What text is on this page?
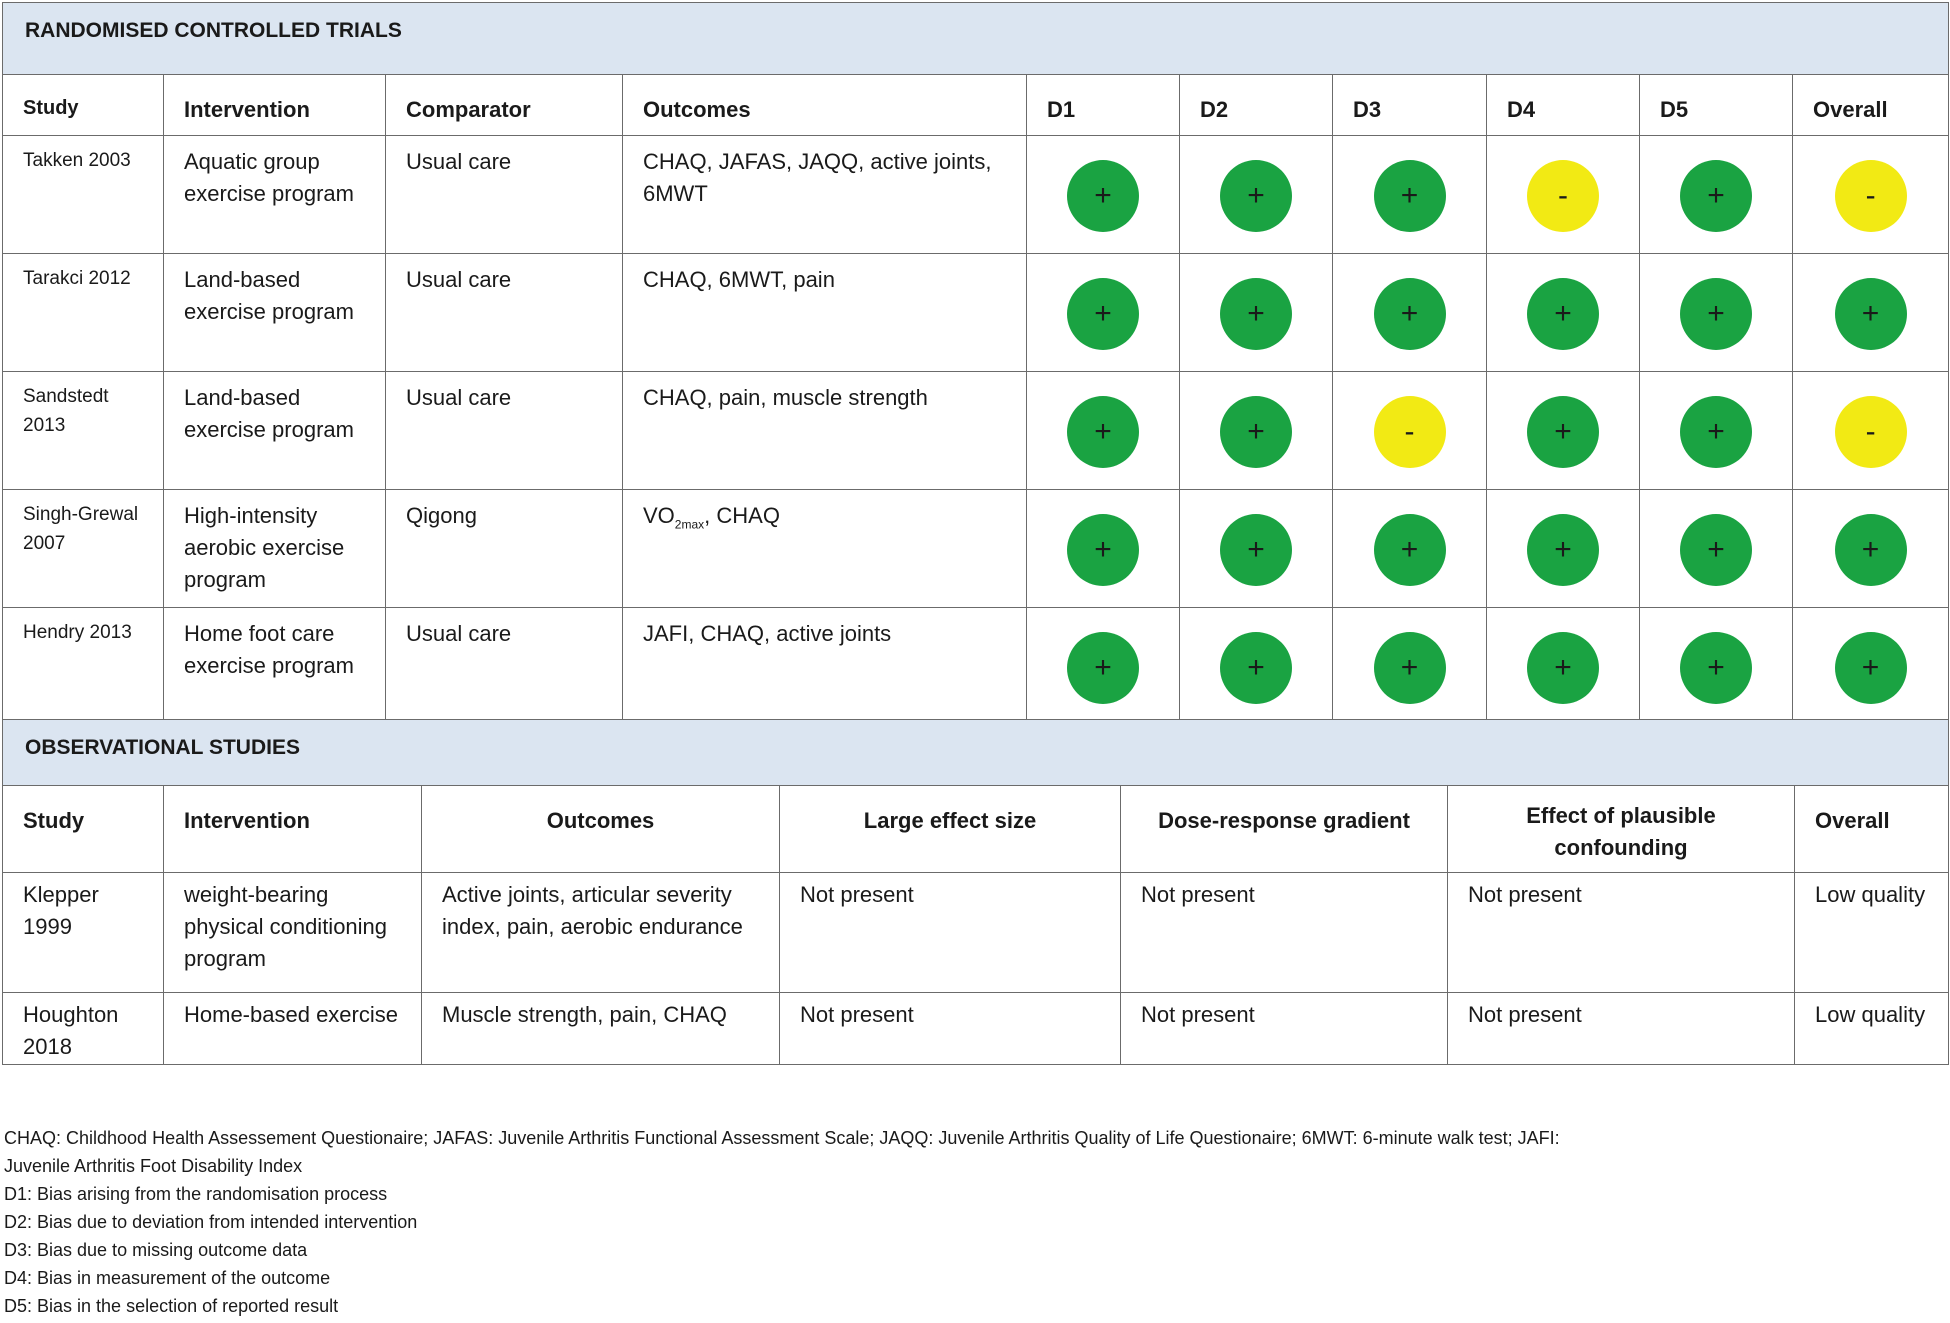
RANDOMISED CONTROLLED TRIALS									
Study	Intervention	Comparator	Outcomes	D1	D2	D3	D4	D5	Overall
Takken 2003	Aquatic group exercise program	Usual care	CHAQ, JAFAS, JAQQ, active joints, 6MWT	+	+	+	-	+	-
Tarakci 2012	Land-based exercise program	Usual care	CHAQ, 6MWT, pain	+	+	+	+	+	+
Sandstedt 2013	Land-based exercise program	Usual care	CHAQ, pain, muscle strength	+	+	-	+	+	-
Singh-Grewal 2007	High-intensity aerobic exercise program	Qigong	$VO_{2max}$, CHAQ	+	+	+	+	+	+
Hendry 2013	Home foot care exercise program	Usual care	JAFI, CHAQ, active joints	+	+	+	+	+	+
OBSERVATIONAL STUDIES						
Study	Intervention	Outcomes	Large effect size	Dose-response gradient	Effect of plausible confounding	Overall
Klepper 1999	weight-bearing physical conditioning program	Active joints, articular severity index, pain, aerobic endurance	Not present	Not present	Not present	Low quality
Houghton 2018	Home-based exercise	Muscle strength, pain, CHAQ	Not present	Not present	Not present	Low quality
CHAQ: Childhood Health Assessement Questionaire; JAFAS: Juvenile Arthritis Functional Assessment Scale; JAQQ: Juvenile Arthritis Quality of Life Questionaire; 6MWT: 6-minute walk test; JAFI:
Juvenile Arthritis Foot Disability Index
D1: Bias arising from the randomisation process
D2: Bias due to deviation from intended intervention
D3: Bias due to missing outcome data
D4: Bias in measurement of the outcome
D5: Bias in the selection of reported result
